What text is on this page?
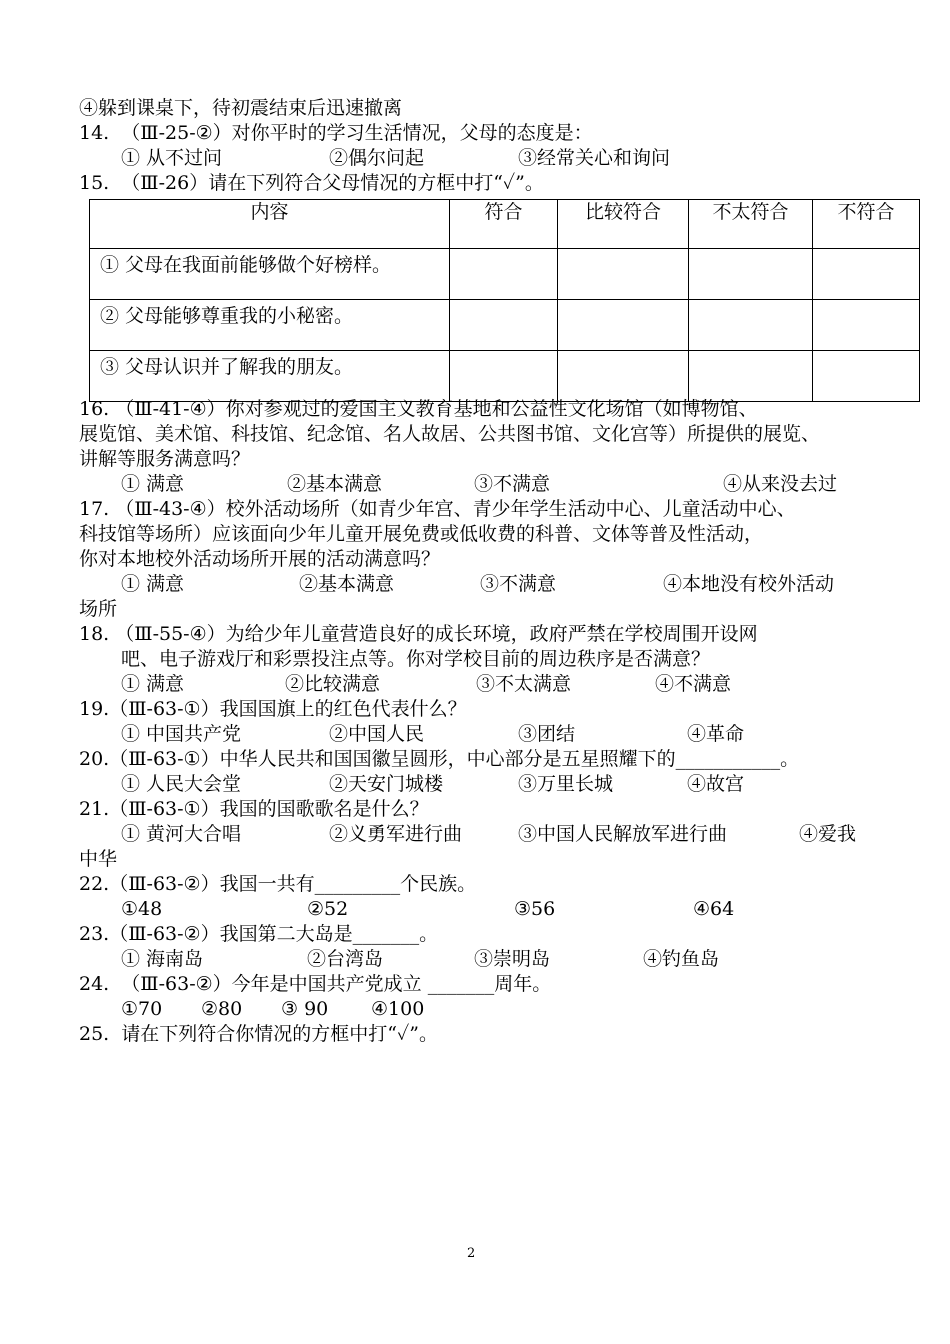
④躲到课桌下，待初震结束后迅速撤离
14.  （Ⅲ-25-②）对你平时的学习生活情况，父母的态度是：
① 从不过问	②偶尔问起	③经常关心和询问
15.  （Ⅲ-26）请在下列符合父母情况的方框中打“✓”。
内容	符合	比较符合	不太符合	不符合
① 父母在我面前能够做个好榜样。				
② 父母能够尊重我的小秘密。				
③ 父母认识并了解我的朋友。				
16. （Ⅲ-41-④）你对参观过的爱国主义教育基地和公益性文化场馆（如博物馆、
展览馆、美术馆、科技馆、纪念馆、名人故居、公共图书馆、文化宫等）所提供的展览、
讲解等服务满意吗？
① 满意	②基本满意	③不满意	④从来没去过
17. （Ⅲ-43-④）校外活动场所（如青少年宫、青少年学生活动中心、儿童活动中心、
科技馆等场所）应该面向少年儿童开展免费或低收费的科普、文体等普及性活动，
你对本地校外活动场所开展的活动满意吗？
① 满意	②基本满意	③不满意	④本地没有校外活动
场所
18. （Ⅲ-55-④）为给少年儿童营造良好的成长环境，政府严禁在学校周围开设网
吧、电子游戏厅和彩票投注点等。你对学校目前的周边秩序是否满意？
① 满意	②比较满意	③不太满意	④不满意
19.（Ⅲ-63-①）我国国旗上的红色代表什么？
① 中国共产党	②中国人民	③团结	④革命
20.（Ⅲ-63-①）中华人民共和国国徽呈圆形，中心部分是五星照耀下的___________。
① 人民大会堂	②天安门城楼	③万里长城	④故宫
21.（Ⅲ-63-①）我国的国歌歌名是什么？
① 黄河大合唱	②义勇军进行曲	③中国人民解放军进行曲	④爱我
中华
22.（Ⅲ-63-②）我国一共有_________个民族。
①48	②52	③56	④64
23.（Ⅲ-63-②）我国第二大岛是_______。
① 海南岛	②台湾岛	③崇明岛	④钓鱼岛
24.  （Ⅲ-63-②）今年是中国共产党成立 _______周年。
①70 ②80 ③ 90 ④100
25.  请在下列符合你情况的方框中打“✓”。
2
